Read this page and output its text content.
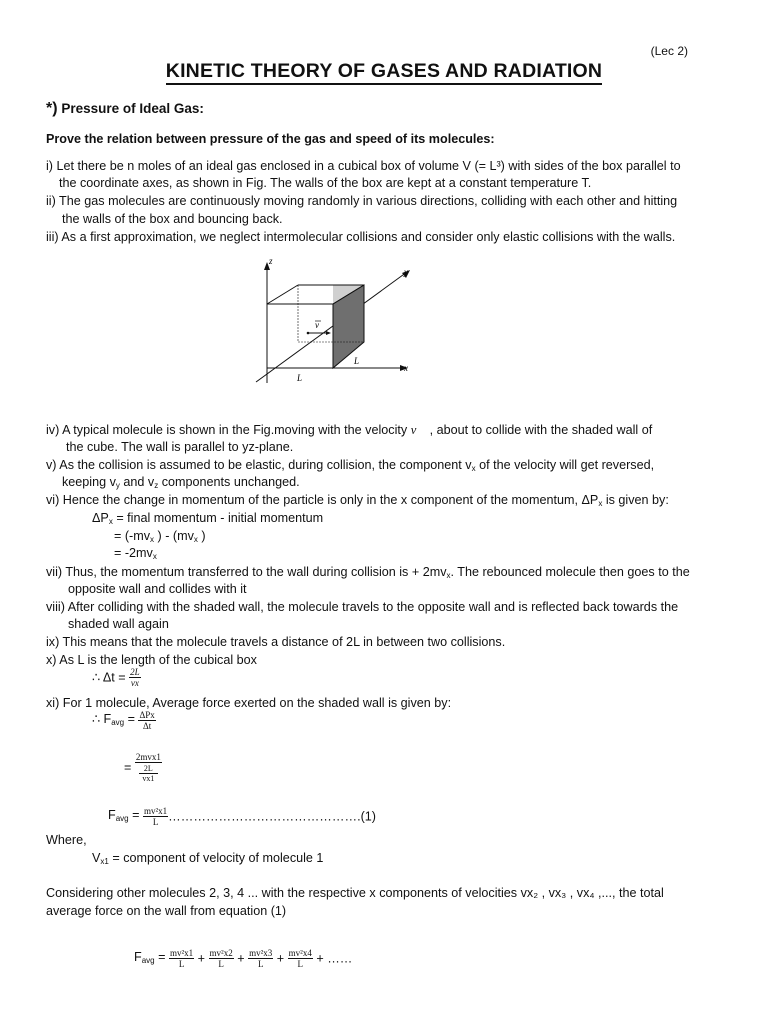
(Lec 2)
KINETIC THEORY OF GASES AND RADIATION
*) Pressure of Ideal Gas:
Prove the relation between pressure of the gas and speed of its molecules:
i) Let there be n moles of an ideal gas enclosed in a cubical box of volume V (= L³) with sides of the box parallel to
the coordinate axes, as shown in Fig. The walls of the box are kept at a constant temperature T.
ii) The gas molecules are continuously moving randomly in various directions, colliding with each other and hitting
the walls of the box and bouncing back.
iii) As a first approximation, we neglect intermolecular collisions and consider only elastic collisions with the walls.
v
z
y
x
L
L
iv) A typical molecule is shown in the Fig.moving with the velocity v⃗ , about to collide with the shaded wall of
the cube. The wall is parallel to yz-plane.
v) As the collision is assumed to be elastic, during collision, the component $v_x$ of the velocity will get reversed,
keeping $v_y$ and $v_z$ components unchanged.
vi) Hence the change in momentum of the particle is only in the x component of the momentum, $\Delta P_x$ is given by:
$\Delta P_x$ = final momentum - initial momentum
= ($-mv_x$ ) - ($mv_x$ )
= $-2mv_x$
vii) Thus, the momentum transferred to the wall during collision is + $2mv_x$. The rebounced molecule then goes to the
opposite wall and collides with it
viii) After colliding with the shaded wall, the molecule travels to the opposite wall and is reflected back towards the
shaded wall again
ix) This means that the molecule travels a distance of 2L in between two collisions.
x) As L is the length of the cubical box
∴ $\Delta t = \frac{2L}{vx}$
xi) For 1 molecule, Average force exerted on the shaded wall is given by:
∴ $F_{avg} = \frac{\text{ΔPx}}{\Delta t}$
= 2mvx1
2L
vx1
$F_{avg} = \frac{\text{mv²x1}}{L}$ ……………………………………….(1)
Where,
$V_{x1}$ = component of velocity of molecule 1
Considering other molecules 2, 3, 4 ... with the respective x components of velocities vx₂ , vx₃ , vx₄ ,..., the total
average force on the wall from equation (1)
$F_{avg} = \frac{\text{mv²x1}}{L} + \frac{\text{mv²x2}}{L} + \frac{\text{mv²x3}}{L} + \frac{\text{mv²x4}}{L}$ + ……
